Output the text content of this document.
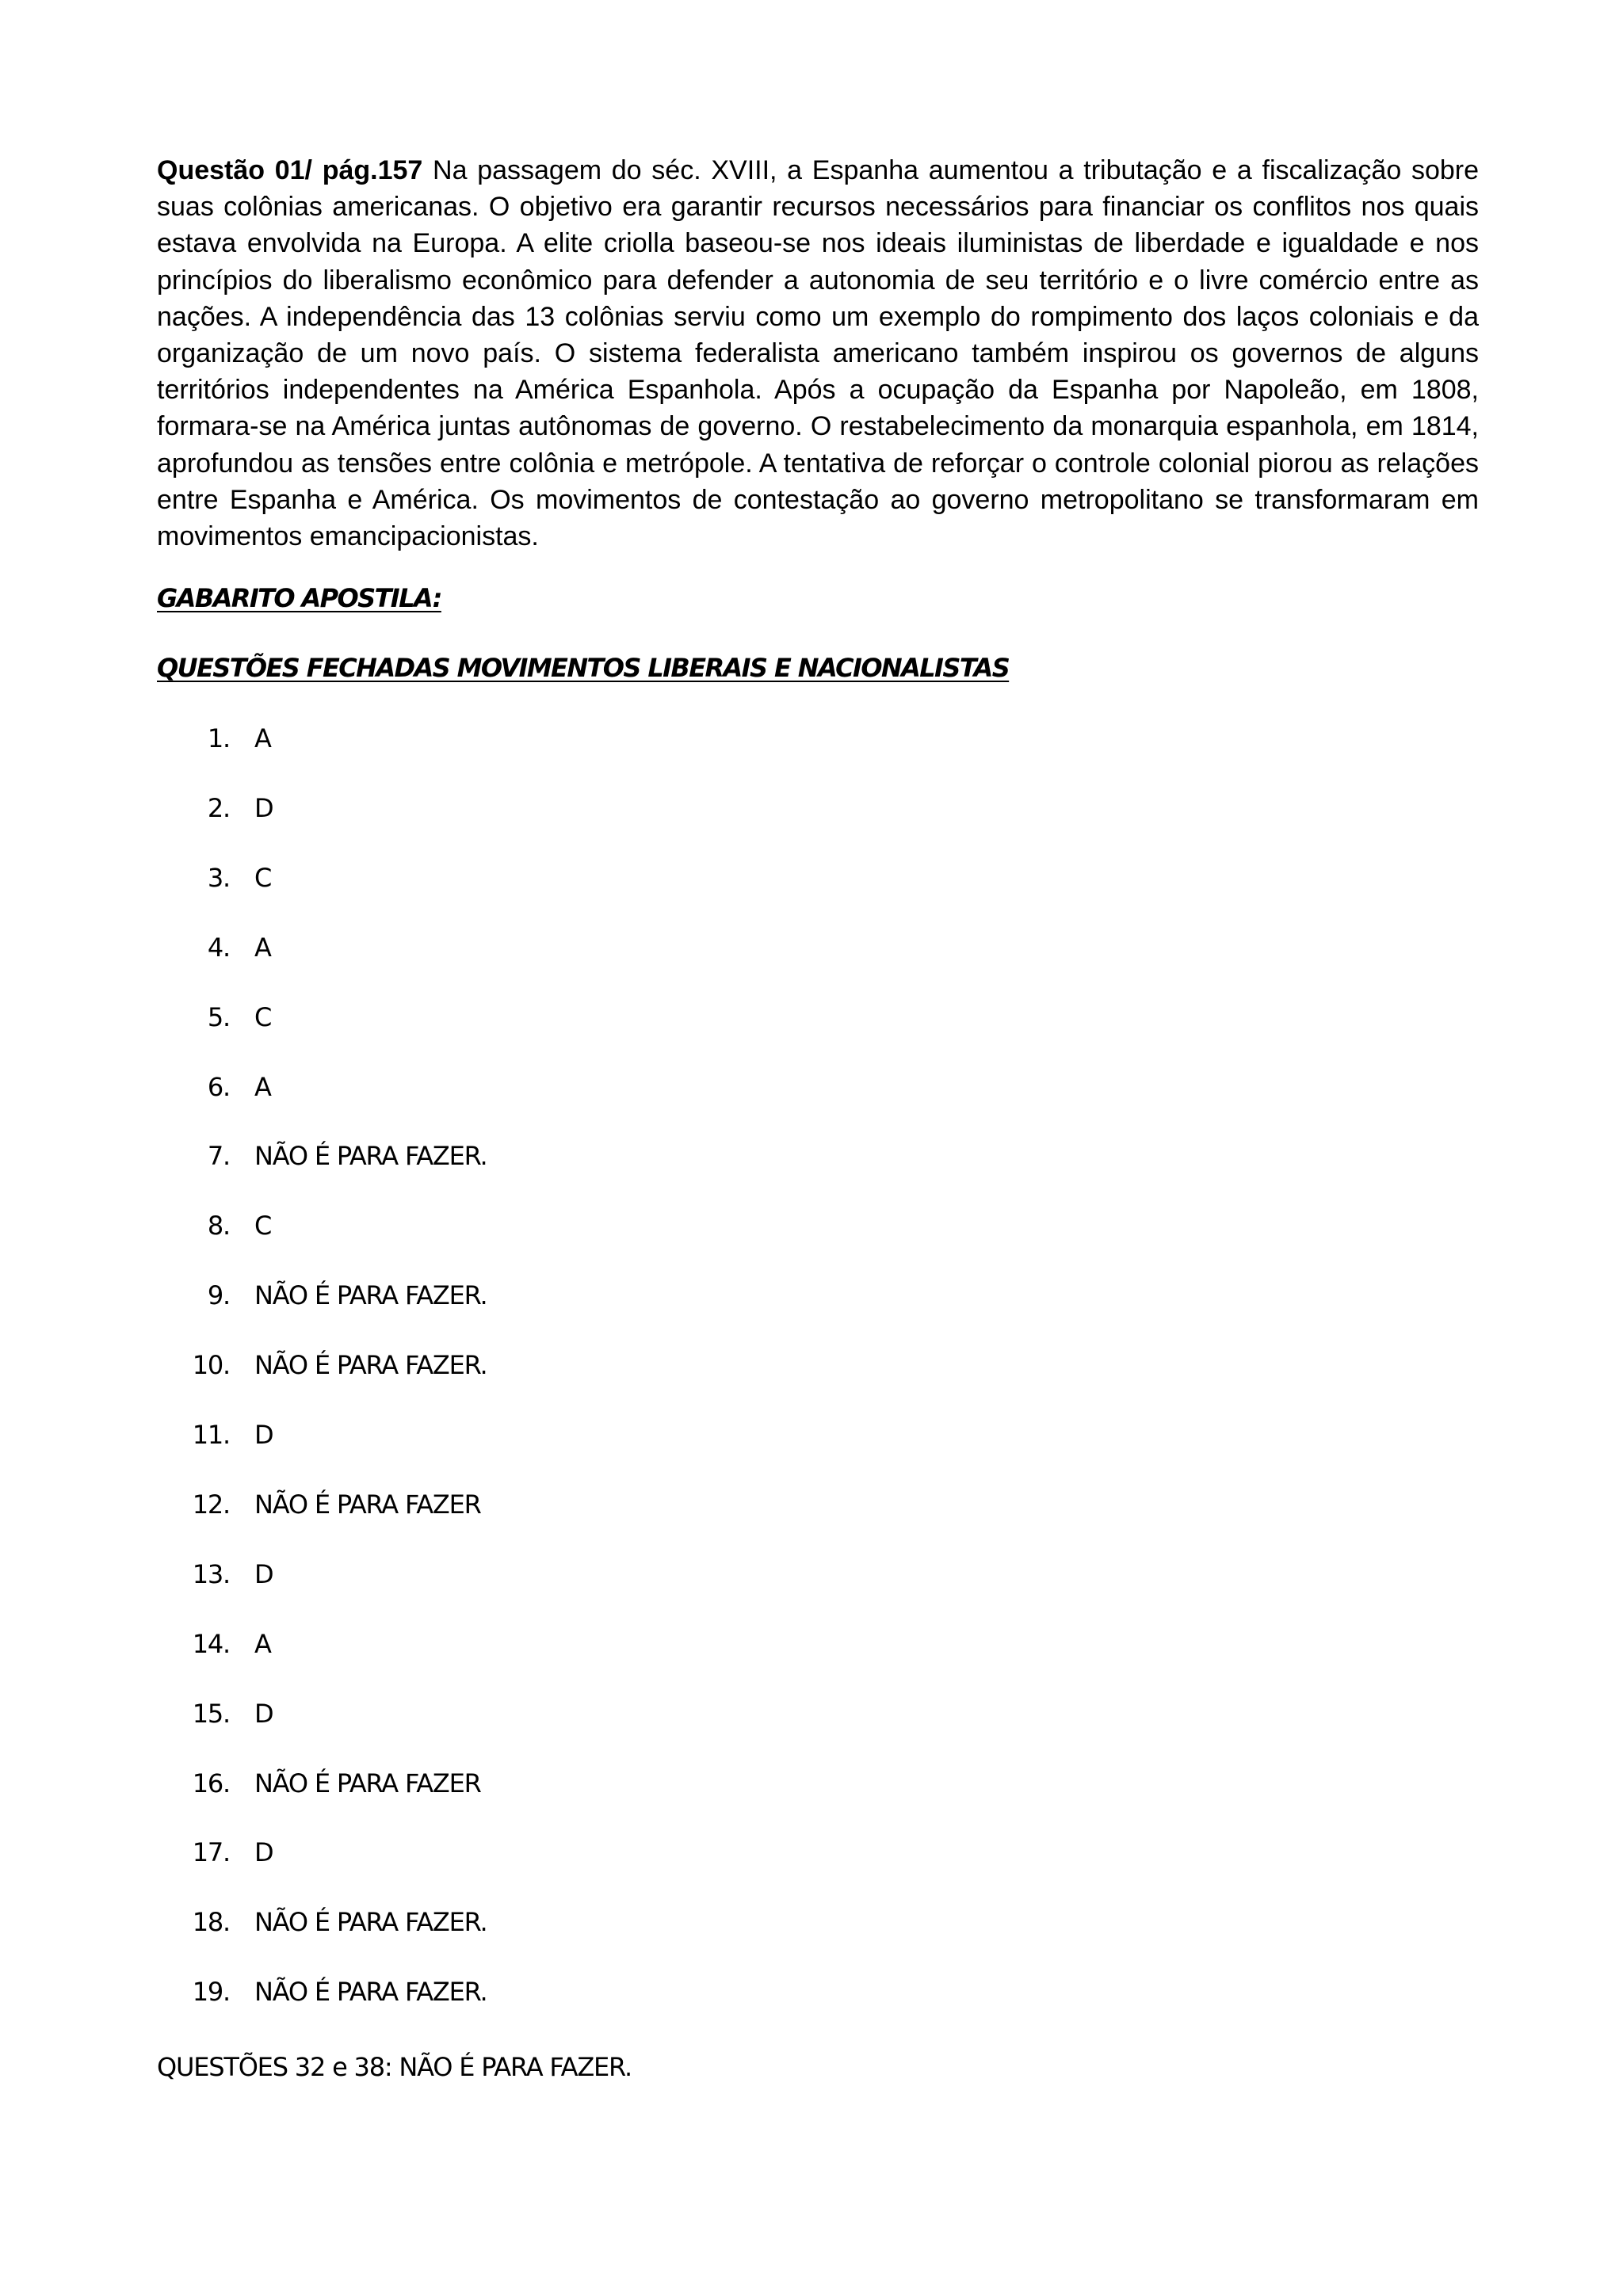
Questão 01/ pág.157 Na passagem do séc. XVIII, a Espanha aumentou a tributação e a fiscalização sobre suas colônias americanas. O objetivo era garantir recursos necessários para financiar os conflitos nos quais estava envolvida na Europa. A elite criolla baseou-se nos ideais iluministas de liberdade e igualdade e nos princípios do liberalismo econômico para defender a autonomia de seu território e o livre comércio entre as nações. A independência das 13 colônias serviu como um exemplo do rompimento dos laços coloniais e da organização de um novo país. O sistema federalista americano também inspirou os governos de alguns territórios independentes na América Espanhola. Após a ocupação da Espanha por Napoleão, em 1808, formara-se na América juntas autônomas de governo. O restabelecimento da monarquia espanhola, em 1814, aprofundou as tensões entre colônia e metrópole. A tentativa de reforçar o controle colonial piorou as relações entre Espanha e América. Os movimentos de contestação ao governo metropolitano se transformaram em movimentos emancipacionistas.

GABARITO APOSTILA:
QUESTÕES FECHADAS MOVIMENTOS LIBERAIS E NACIONALISTAS
1. A
2. D
3. C
4. A
5. C
6. A
7. NÃO É PARA FAZER.
8. C
9. NÃO É PARA FAZER.
10. NÃO É PARA FAZER.
11. D
12. NÃO É PARA FAZER
13. D
14. A
15. D
16. NÃO É PARA FAZER
17. D
18. NÃO É PARA FAZER.
19. NÃO É PARA FAZER.
QUESTÕES 32 e 38: NÃO É PARA FAZER.
